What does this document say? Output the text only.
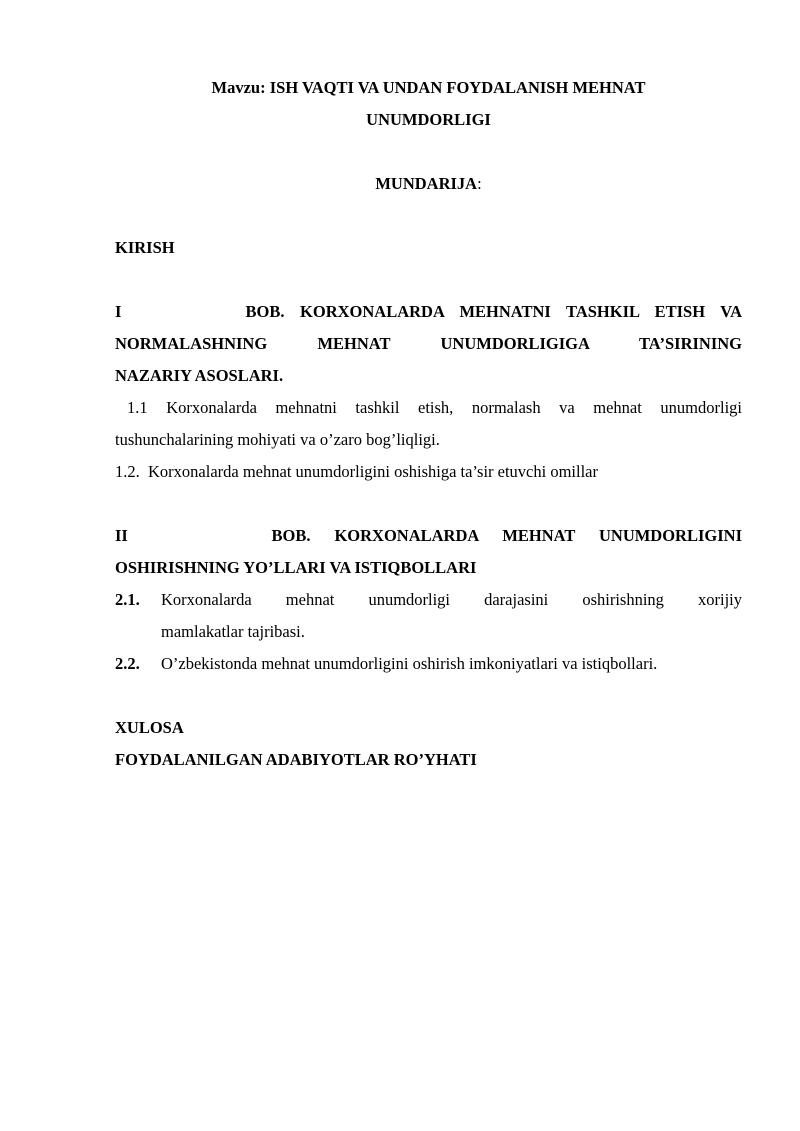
Mavzu: ISH VAQTI VA UNDAN FOYDALANISH MEHNAT
UNUMDORLIGI
MUNDARIJA:
KIRISH
I	BOB. KORXONALARDA MEHNATNI TASHKIL ETISH VA
NORMALASHNING MEHNAT UNUMDORLIGIGA TA’SIRINING
NAZARIY ASOSLARI.
1.1 Korxonalarda mehnatni tashkil etish, normalash va mehnat unumdorligi
tushunchalarining mohiyati va o’zaro bog’liqligi.
1.2.  Korxonalarda mehnat unumdorligini oshishiga ta’sir etuvchi omillar
II	BOB. KORXONALARDA MEHNAT UNUMDORLIGINI
OSHIRISHNING YO’LLARI VA ISTIQBOLLARI
2.1.	Korxonalarda mehnat unumdorligi darajasini oshirishning xorijiy
mamlakatlar tajribasi.
2.2.	O’zbekistonda mehnat unumdorligini oshirish imkoniyatlari va istiqbollari.
XULOSA
FOYDALANILGAN ADABIYOTLAR RO’YHATI
